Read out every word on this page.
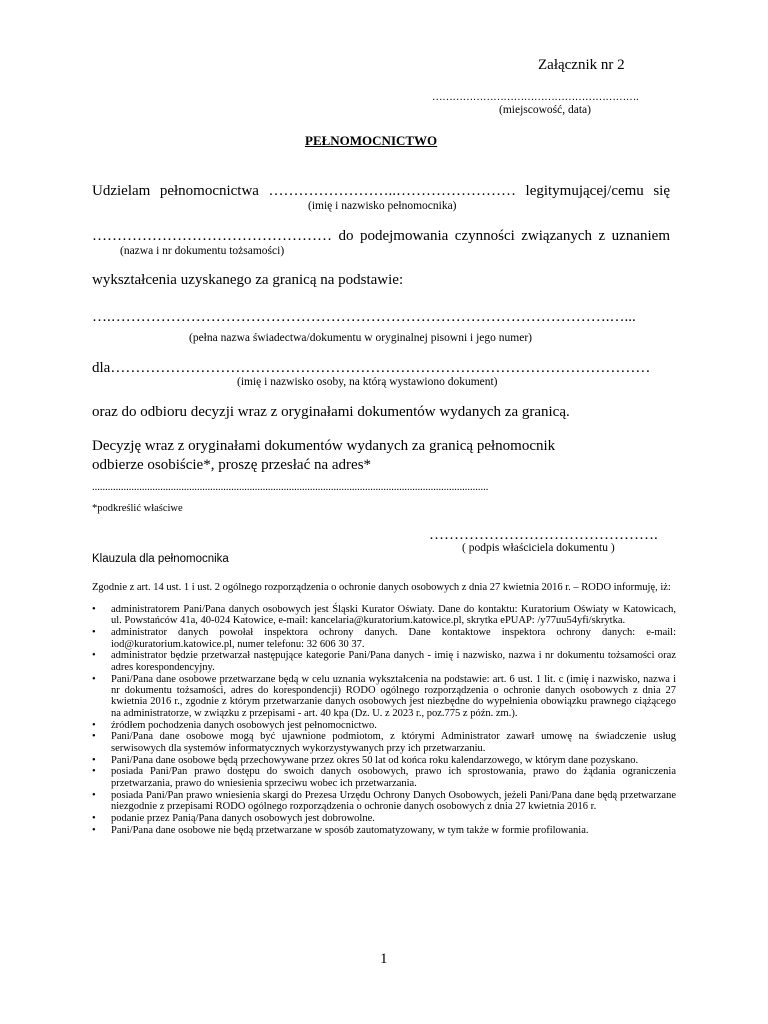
Załącznik nr 2
…………………………………………………….
(miejscowość, data)
PEŁNOMOCNICTWO
Udzielam pełnomocnictwa ……………………..…………………… legitymującej/cemu się
(imię i nazwisko pełnomocnika)
………………………………………… do podejmowania czynności związanych z uznaniem
(nazwa i nr dokumentu tożsamości)
wykształcenia uzyskanego za granicą na podstawie:
….……………………………………………………………………………………….…...
(pełna nazwa świadectwa/dokumentu w oryginalnej pisowni i jego numer)
dla………………………………………………………………………………………………
(imię i nazwisko osoby, na którą wystawiono dokument)
oraz do odbioru decyzji wraz z oryginałami dokumentów wydanych za granicą.
Decyzję wraz z oryginałami dokumentów wydanych za granicą pełnomocnik
odbierze osobiście*, proszę przesłać na adres*
.......................................................................................................................................................
*podkreślić właściwe
……………………………………….
( podpis właściciela dokumentu )
Klauzula dla pełnomocnika
Zgodnie z art. 14 ust. 1 i ust. 2 ogólnego rozporządzenia o ochronie danych osobowych z dnia 27 kwietnia 2016 r. – RODO informuję, iż:
• administratorem Pani/Pana danych osobowych jest Śląski Kurator Oświaty. Dane do kontaktu: Kuratorium Oświaty w Katowicach, ul. Powstańców 41a, 40-024 Katowice, e-mail: kancelaria@kuratorium.katowice.pl, skrytka ePUAP: /y77uu54yfi/skrytka.
• administrator danych powołał inspektora ochrony danych. Dane kontaktowe inspektora ochrony danych: e-mail: iod@kuratorium.katowice.pl, numer telefonu: 32 606 30 37.
• administrator będzie przetwarzał następujące kategorie Pani/Pana danych - imię i nazwisko, nazwa i nr dokumentu tożsamości oraz adres korespondencyjny.
• Pani/Pana dane osobowe przetwarzane będą w celu uznania wykształcenia na podstawie: art. 6 ust. 1 lit. c (imię i nazwisko, nazwa i nr dokumentu tożsamości, adres do korespondencji) RODO ogólnego rozporządzenia o ochronie danych osobowych z dnia 27 kwietnia 2016 r., zgodnie z którym przetwarzanie danych osobowych jest niezbędne do wypełnienia obowiązku prawnego ciążącego na administratorze, w związku z przepisami - art. 40 kpa (Dz. U. z 2023 r., poz.775 z późn. zm.).
• źródłem pochodzenia danych osobowych jest pełnomocnictwo.
• Pani/Pana dane osobowe mogą być ujawnione podmiotom, z którymi Administrator zawarł umowę na świadczenie usług serwisowych dla systemów informatycznych wykorzystywanych przy ich przetwarzaniu.
• Pani/Pana dane osobowe będą przechowywane przez okres 50 lat od końca roku kalendarzowego, w którym dane pozyskano.
• posiada Pani/Pan prawo dostępu do swoich danych osobowych, prawo ich sprostowania, prawo do żądania ograniczenia przetwarzania, prawo do wniesienia sprzeciwu wobec ich przetwarzania.
• posiada Pani/Pan prawo wniesienia skargi do Prezesa Urzędu Ochrony Danych Osobowych, jeżeli Pani/Pana dane będą przetwarzane niezgodnie z przepisami RODO ogólnego rozporządzenia o ochronie danych osobowych z dnia 27 kwietnia 2016 r.
• podanie przez Panią/Pana danych osobowych jest dobrowolne.
• Pani/Pana dane osobowe nie będą przetwarzane w sposób zautomatyzowany, w tym także w formie profilowania.
1
